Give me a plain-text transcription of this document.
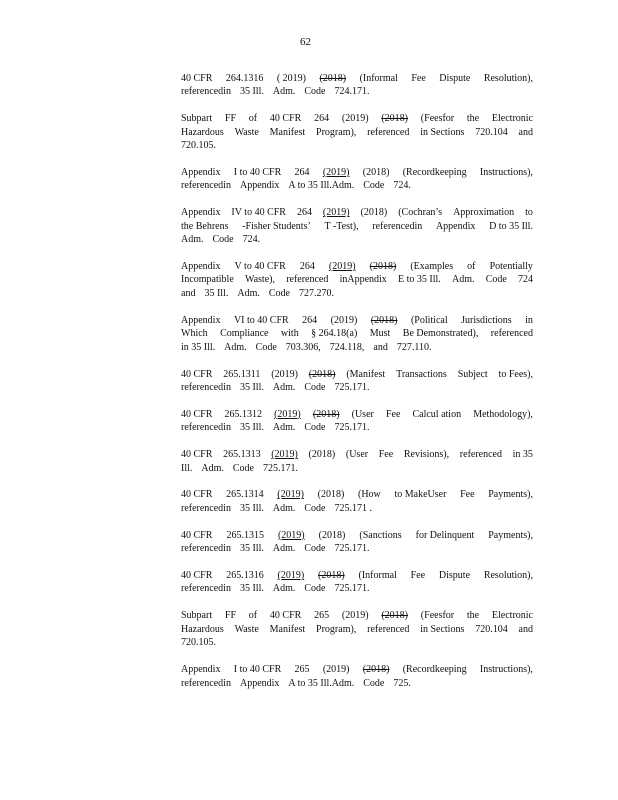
62
40 CFR 264.1316 ( 2019) (2018) (Informal Fee Dispute Resolution),
referencedin 35 Ill. Adm. Code 724.171.
Subpart FF of 40 CFR 264 (2019) (2018) (Feesfor the Electronic
Hazardous Waste Manifest Program), referenced in Sections 720.104 and
720.105.
Appendix I to 40 CFR 264 (2019) (2018) (Recordkeeping Instructions),
referencedin Appendix A to 35 Ill.Adm. Code 724.
Appendix IV to 40 CFR 264 (2019) (2018) (Cochran’s Approximation to
the Behrens -Fisher Students’ T -Test), referencedin Appendix D to 35 Ill.
Adm. Code 724.
Appendix V to 40 CFR 264 (2019) (2018) (Examples of Potentially
Incompatible Waste), referenced inAppendix E to 35 Ill. Adm. Code 724
and 35 Ill. Adm. Code 727.270.
Appendix VI to 40 CFR 264 (2019) (2018) (Political Jurisdictions in
Which Compliance with § 264.18(a) Must Be Demonstrated), referenced
in 35 Ill. Adm. Code 703.306, 724.118, and 727.110.
40 CFR 265.1311 (2019) (2018) (Manifest Transactions Subject to Fees),
referencedin 35 Ill. Adm. Code 725.171.
40 CFR 265.1312 (2019) (2018) (User Fee Calcul ation Methodology),
referencedin 35 Ill. Adm. Code 725.171.
40 CFR 265.1313 (2019) (2018) (User Fee Revisions), referenced in 35
Ill. Adm. Code 725.171.
40 CFR 265.1314 (2019) (2018) (How to MakeUser Fee Payments),
referencedin 35 Ill. Adm. Code 725.171 .
40 CFR 265.1315 (2019) (2018) (Sanctions for Delinquent Payments),
referencedin 35 Ill. Adm. Code 725.171.
40 CFR 265.1316 (2019) (2018) (Informal Fee Dispute Resolution),
referencedin 35 Ill. Adm. Code 725.171.
Subpart FF of 40 CFR 265 (2019) (2018) (Feesfor the Electronic
Hazardous Waste Manifest Program), referenced in Sections 720.104 and
720.105.
Appendix I to 40 CFR 265 (2019) (2018) (Recordkeeping Instructions),
referencedin Appendix A to 35 Ill.Adm. Code 725.
